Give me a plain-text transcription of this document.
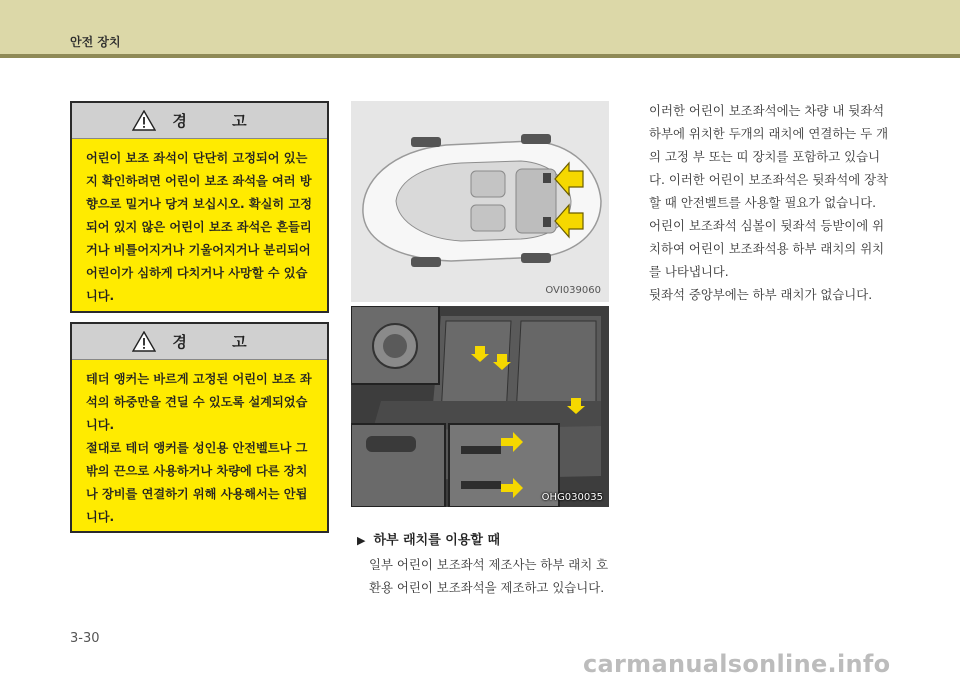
안전 장치
경 고
어린이 보조 좌석이 단단히 고정되어 있는
지 확인하려면 어린이 보조 좌석을 여러 방
향으로 밀거나 당겨 보십시오. 확실히 고정
되어 있지 않은 어린이 보조 좌석은 흔들리
거나 비틀어지거나 기울어지거나 분리되어
어린이가 심하게 다치거나 사망할 수 있습
니다.
경 고
테더 앵커는 바르게 고정된 어린이 보조 좌
석의 하중만을 견딜 수 있도록 설계되었습
니다.
절대로 테더 앵커를 성인용 안전벨트나 그
밖의 끈으로 사용하거나 차량에 다른 장치
나 장비를 연결하기 위해 사용해서는 안됩
니다.
OVI039060
OHG030035
▶ 하부 래치를 이용할 때
일부 어린이 보조좌석 제조사는 하부 래치 호
환용 어린이 보조좌석을 제조하고 있습니다.
이러한 어린이 보조좌석에는 차량 내 뒷좌석
하부에 위치한 두개의 래치에 연결하는 두 개
의 고정 부 또는 띠 장치를 포함하고 있습니
다. 이러한 어린이 보조좌석은 뒷좌석에 장착
할 때 안전벨트를 사용할 필요가 없습니다.
어린이 보조좌석 심볼이 뒷좌석 등받이에 위
치하여 어린이 보조좌석용 하부 래치의 위치
를 나타냅니다.
뒷좌석 중앙부에는 하부 래치가 없습니다.
3-30
carmanualsonline.info
